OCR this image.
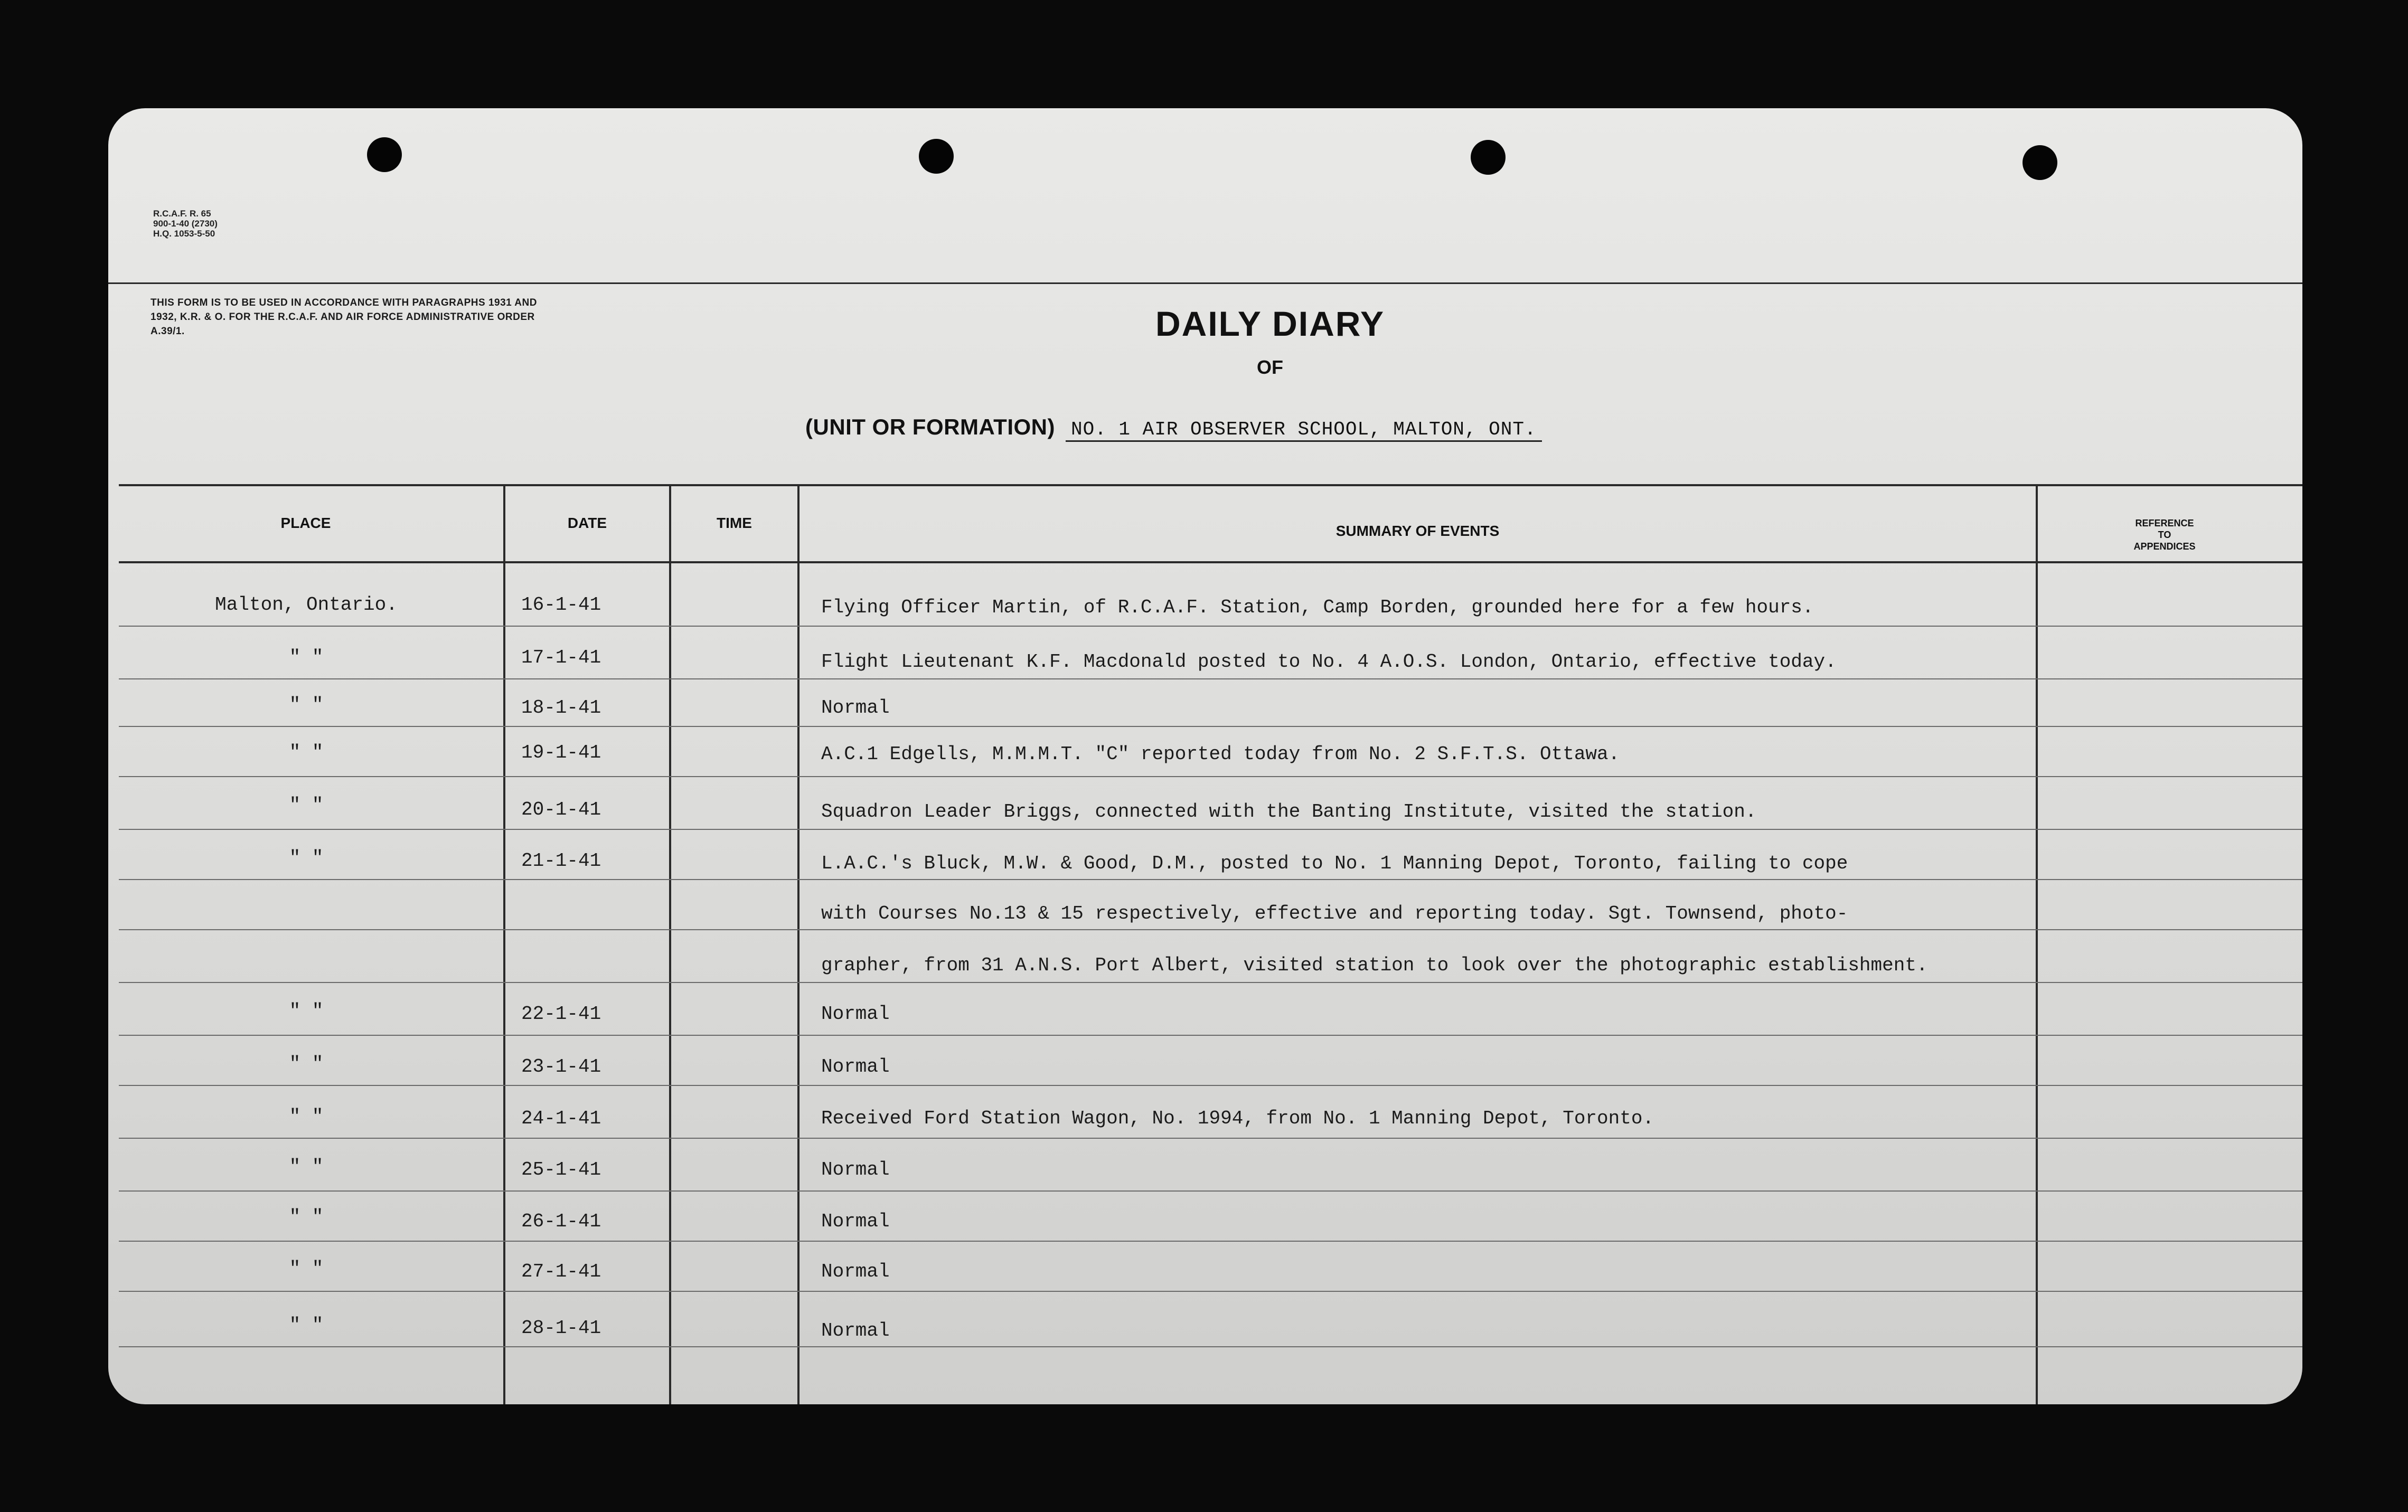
R.C.A.F. R. 65
900-1-40 (2730)
H.Q. 1053-5-50
THIS FORM IS TO BE USED IN ACCORDANCE WITH PARAGRAPHS 1931 AND 1932, K.R. & O. FOR THE R.C.A.F. AND AIR FORCE ADMINISTRATIVE ORDER A.39/1.	DAILY DIARY
OF
(UNIT OR FORMATION) NO. 1 AIR OBSERVER SCHOOL, MALTON, ONT.
PLACE	DATE	TIME	SUMMARY OF EVENTS	REFERENCE
TO
APPENDICES
Malton, Ontario.	16-1-41	Flying Officer Martin, of R.C.A.F. Station, Camp Borden, grounded here for a few hours.
" "	17-1-41	Flight Lieutenant K.F. Macdonald posted to No. 4 A.O.S. London, Ontario, effective today.
" "	18-1-41	Normal
" "	19-1-41	A.C.1 Edgells, M.M.M.T. "C" reported today from No. 2 S.F.T.S. Ottawa.
" "	20-1-41	Squadron Leader Briggs, connected with the Banting Institute, visited the station.
" "	21-1-41	L.A.C.'s Bluck, M.W. & Good, D.M., posted to No. 1 Manning Depot, Toronto, failing to cope
with Courses No.13 & 15 respectively, effective and reporting today. Sgt. Townsend, photo-
grapher, from 31 A.N.S. Port Albert, visited station to look over the photographic establishment.
" "	22-1-41	Normal
" "	23-1-41	Normal
" "	24-1-41	Received Ford Station Wagon, No. 1994, from No. 1 Manning Depot, Toronto.
" "	25-1-41	Normal
" "	26-1-41	Normal
" "	27-1-41	Normal
" "	28-1-41	Normal
